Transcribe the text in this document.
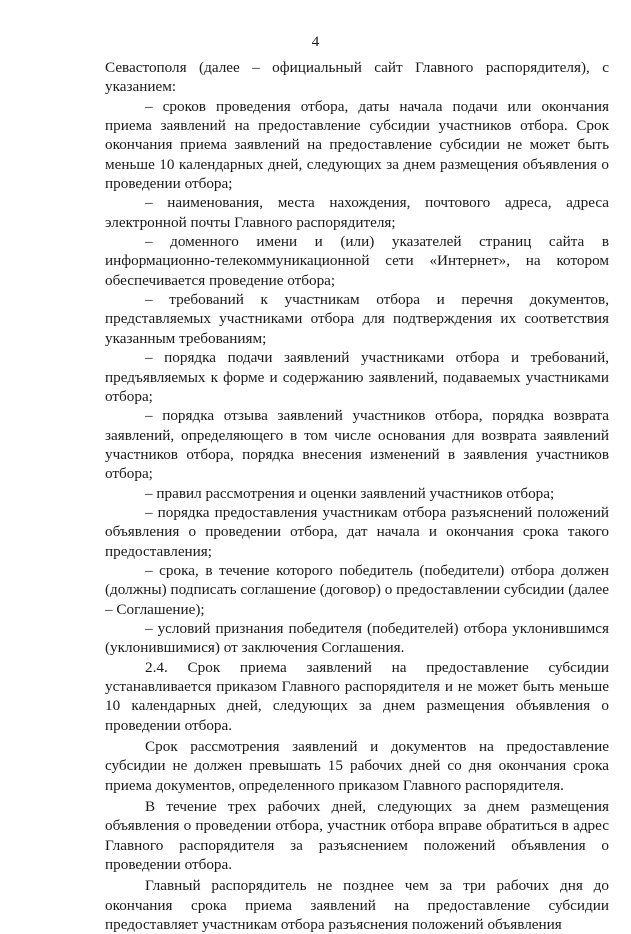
4

Севастополя (далее – официальный сайт Главного распорядителя), с указанием:

– сроков проведения отбора, даты начала подачи или окончания приема заявлений на предоставление субсидии участников отбора. Срок окончания приема заявлений на предоставление субсидии не может быть меньше 10 календарных дней, следующих за днем размещения объявления о проведении отбора;

– наименования, места нахождения, почтового адреса, адреса электронной почты Главного распорядителя;

– доменного имени и (или) указателей страниц сайта в информационно-телекоммуникационной сети «Интернет», на котором обеспечивается проведение отбора;

– требований к участникам отбора и перечня документов, представляемых участниками отбора для подтверждения их соответствия указанным требованиям;

– порядка подачи заявлений участниками отбора и требований, предъявляемых к форме и содержанию заявлений, подаваемых участниками отбора;

– порядка отзыва заявлений участников отбора, порядка возврата заявлений, определяющего в том числе основания для возврата заявлений участников отбора, порядка внесения изменений в заявления участников отбора;

– правил рассмотрения и оценки заявлений участников отбора;

– порядка предоставления участникам отбора разъяснений положений объявления о проведении отбора, дат начала и окончания срока такого предоставления;

– срока, в течение которого победитель (победители) отбора должен (должны) подписать соглашение (договор) о предоставлении субсидии (далее – Соглашение);

– условий признания победителя (победителей) отбора уклонившимся (уклонившимися) от заключения Соглашения.

2.4. Срок приема заявлений на предоставление субсидии устанавливается приказом Главного распорядителя и не может быть меньше 10 календарных дней, следующих за днем размещения объявления о проведении отбора.

Срок рассмотрения заявлений и документов на предоставление субсидии не должен превышать 15 рабочих дней со дня окончания срока приема документов, определенного приказом Главного распорядителя.

В течение трех рабочих дней, следующих за днем размещения объявления о проведении отбора, участник отбора вправе обратиться в адрес Главного распорядителя за разъяснением положений объявления о проведении отбора.

Главный распорядитель не позднее чем за три рабочих дня до окончания срока приема заявлений на предоставление субсидии предоставляет участникам отбора разъяснения положений объявления
